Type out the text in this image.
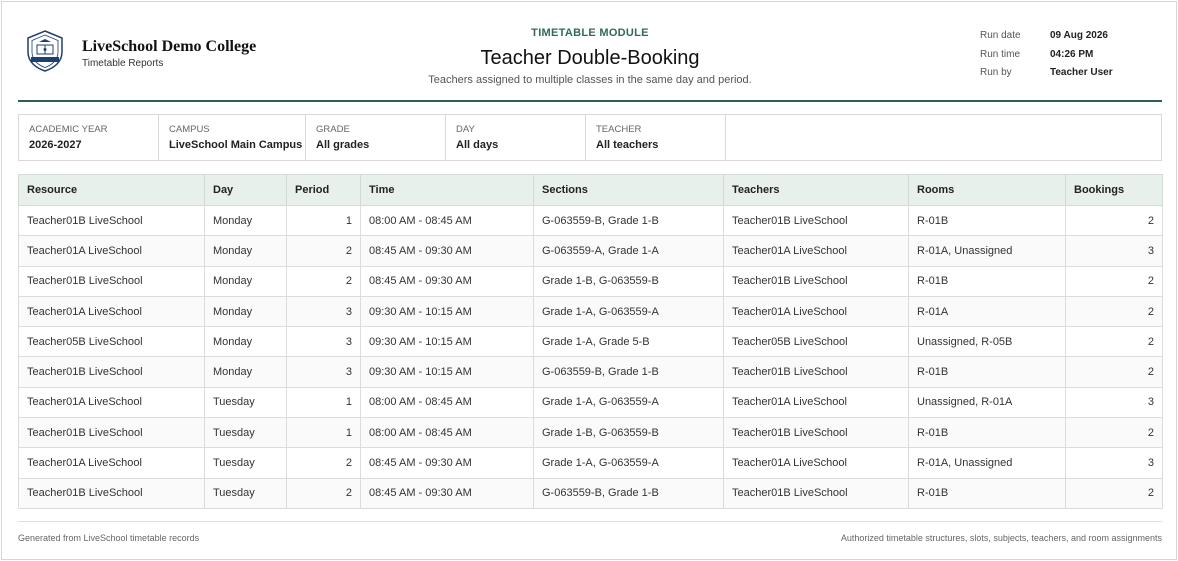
LiveSchool Demo College
Timetable Reports
TIMETABLE MODULE
Teacher Double-Booking
Teachers assigned to multiple classes in the same day and period.
Run date	09 Aug 2026
Run time	04:26 PM
Run by	Teacher User
ACADEMIC YEAR
2026-2027
CAMPUS
LiveSchool Main Campus
GRADE
All grades
DAY
All days
TEACHER
All teachers
Resource	Day	Period	Time	Sections	Teachers	Rooms	Bookings
Teacher01B LiveSchool	Monday	1	08:00 AM - 08:45 AM	G-063559-B, Grade 1-B	Teacher01B LiveSchool	R-01B	2
Teacher01A LiveSchool	Monday	2	08:45 AM - 09:30 AM	G-063559-A, Grade 1-A	Teacher01A LiveSchool	R-01A, Unassigned	3
Teacher01B LiveSchool	Monday	2	08:45 AM - 09:30 AM	Grade 1-B, G-063559-B	Teacher01B LiveSchool	R-01B	2
Teacher01A LiveSchool	Monday	3	09:30 AM - 10:15 AM	Grade 1-A, G-063559-A	Teacher01A LiveSchool	R-01A	2
Teacher05B LiveSchool	Monday	3	09:30 AM - 10:15 AM	Grade 1-A, Grade 5-B	Teacher05B LiveSchool	Unassigned, R-05B	2
Teacher01B LiveSchool	Monday	3	09:30 AM - 10:15 AM	G-063559-B, Grade 1-B	Teacher01B LiveSchool	R-01B	2
Teacher01A LiveSchool	Tuesday	1	08:00 AM - 08:45 AM	Grade 1-A, G-063559-A	Teacher01A LiveSchool	Unassigned, R-01A	3
Teacher01B LiveSchool	Tuesday	1	08:00 AM - 08:45 AM	Grade 1-B, G-063559-B	Teacher01B LiveSchool	R-01B	2
Teacher01A LiveSchool	Tuesday	2	08:45 AM - 09:30 AM	Grade 1-A, G-063559-A	Teacher01A LiveSchool	R-01A, Unassigned	3
Teacher01B LiveSchool	Tuesday	2	08:45 AM - 09:30 AM	G-063559-B, Grade 1-B	Teacher01B LiveSchool	R-01B	2
Generated from LiveSchool timetable records	Authorized timetable structures, slots, subjects, teachers, and room assignments
